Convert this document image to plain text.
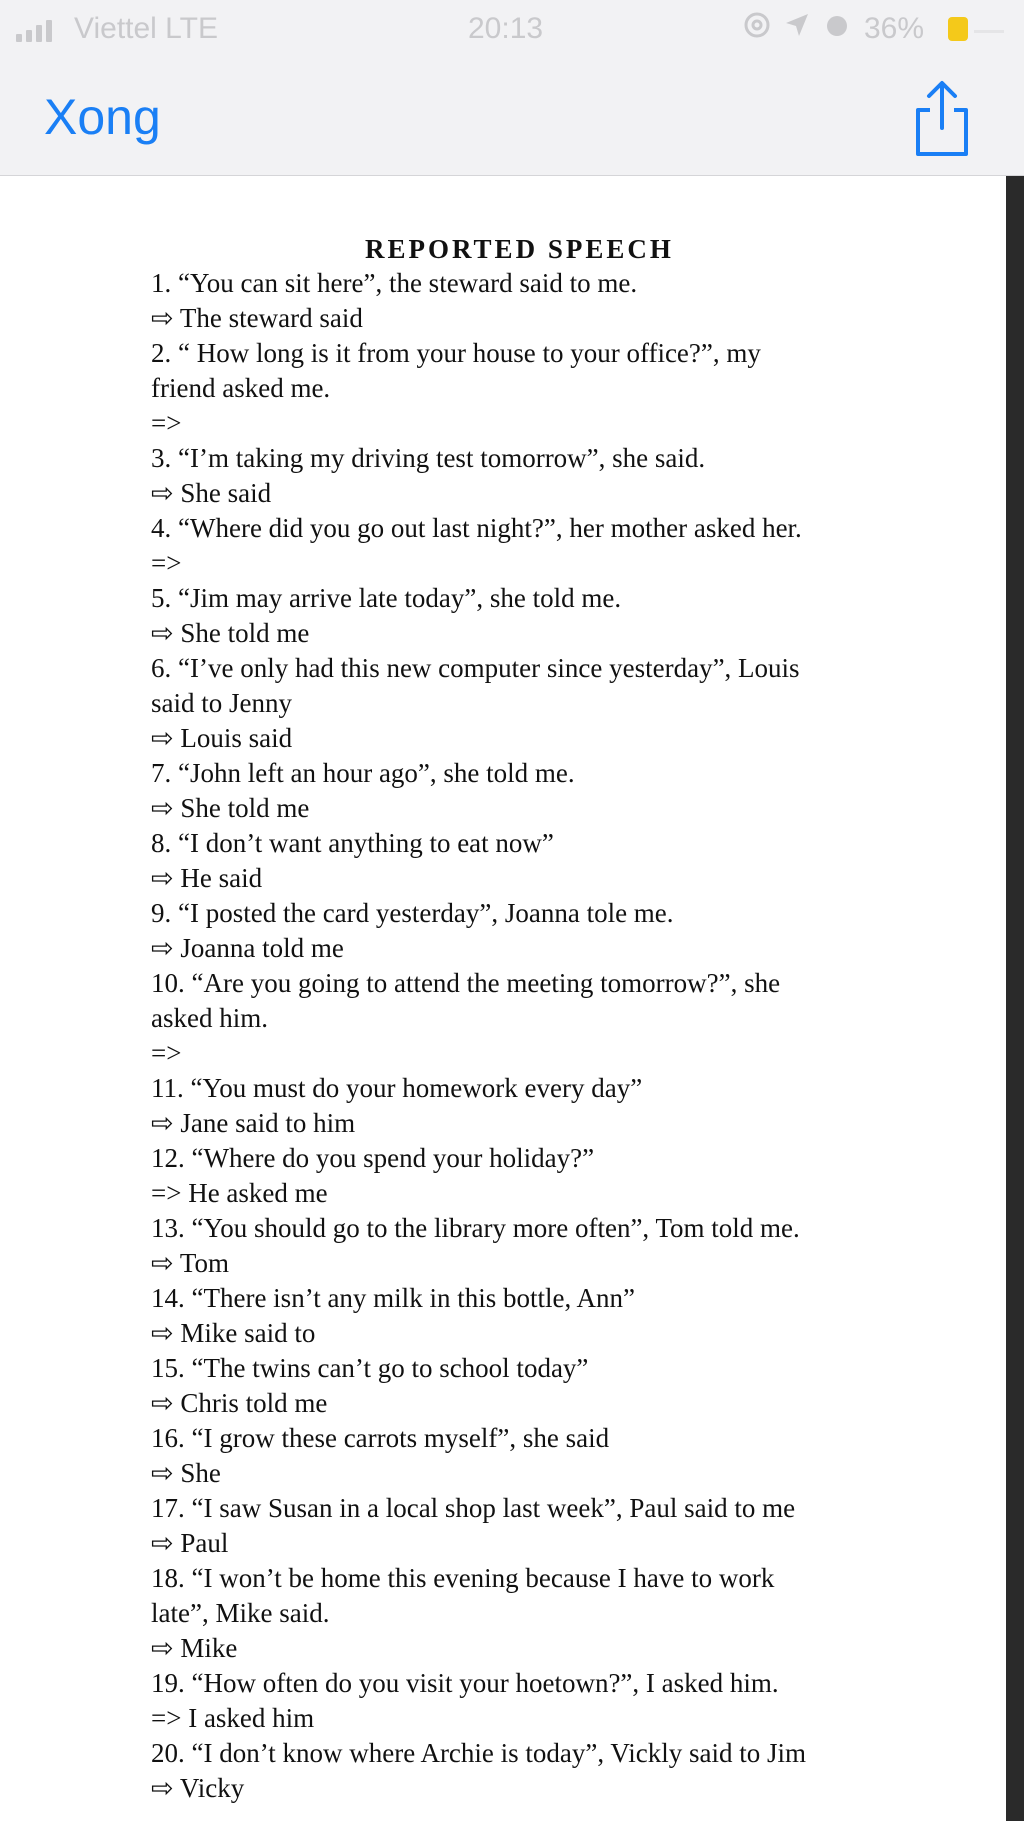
Viettel LTE	20:13	36%
Xong
REPORTED SPEECH
1. “You can sit here”, the steward said to me.
⇨ The steward said
2. “ How long is it from your house to your office?”, my
friend asked me.
=>
3. “I’m taking my driving test tomorrow”, she said.
⇨ She said
4. “Where did you go out last night?”, her mother asked her.
=>
5. “Jim may arrive late today”, she told me.
⇨ She told me
6. “I’ve only had this new computer since yesterday”, Louis
said to Jenny
⇨ Louis said
7. “John left an hour ago”, she told me.
⇨ She told me
8. “I don’t want anything to eat now”
⇨ He said
9. “I posted the card yesterday”, Joanna tole me.
⇨ Joanna told me
10. “Are you going to attend the meeting tomorrow?”, she
asked him.
=>
11. “You must do your homework every day”
⇨ Jane said to him
12. “Where do you spend your holiday?”
=> He asked me
13. “You should go to the library more often”, Tom told me.
⇨ Tom
14. “There isn’t any milk in this bottle, Ann”
⇨ Mike said to
15. “The twins can’t go to school today”
⇨ Chris told me
16. “I grow these carrots myself”, she said
⇨ She
17. “I saw Susan in a local shop last week”, Paul said to me
⇨ Paul
18. “I won’t be home this evening because I have to work
late”, Mike said.
⇨ Mike
19. “How often do you visit your hoetown?”, I asked him.
=> I asked him
20. “I don’t know where Archie is today”, Vickly said to Jim
⇨ Vicky
